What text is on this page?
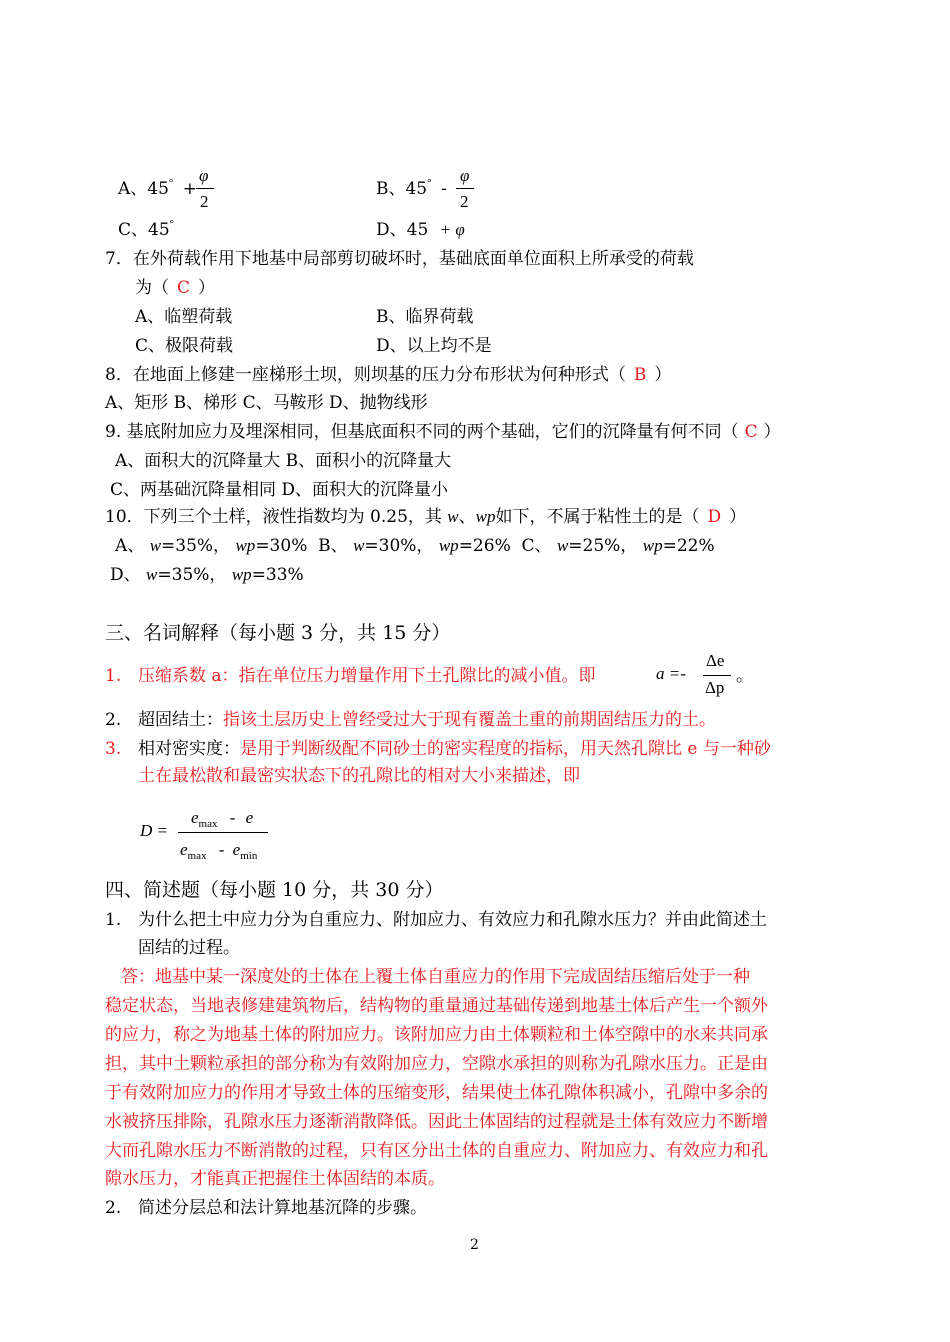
A、45° +
φ
2
B、45° -
φ
2
C、45°	D、45 + φ
7．在外荷载作用下地基中局部剪切破坏时，基础底面单位面积上所承受的荷载
为（ C ）
A、临塑荷载	B、临界荷载
C、极限荷载	D、以上均不是
8．在地面上修建一座梯形土坝，则坝基的压力分布形状为何种形式（ B ）
A、矩形 B、梯形 C、马鞍形 D、抛物线形
9. 基底附加应力及埋深相同，但基底面积不同的两个基础，它们的沉降量有何不同（ C ）
A、面积大的沉降量大 B、面积小的沉降量大
C、两基础沉降量相同 D、面积大的沉降量小
10．下列三个土样，液性指数均为 0.25，其 w、wp如下，不属于粘性土的是（ D ）
A、 w=35%， wp=30% B、 w=30%， wp=26% C、 w=25%， wp=22%
D、 w=35%， wp=33%
三、名词解释（每小题 3 分，共 15 分）
1. 压缩系数 a：指在单位压力增量作用下土孔隙比的减小值。即	a =-
Δe
Δp
。
2. 超固结土：指该土层历史上曾经受过大于现有覆盖土重的前期固结压力的土。
3. 相对密实度：是用于判断级配不同砂土的密实程度的指标，用天然孔隙比 e 与一种砂
土在最松散和最密实状态下的孔隙比的相对大小来描述，即
D =
$e_{max}$ - e
$e_{max} - e_{min}$
四、简述题（每小题 10 分，共 30 分）
1. 为什么把土中应力分为自重应力、附加应力、有效应力和孔隙水压力？并由此简述土
固结的过程。
答：地基中某一深度处的土体在上覆土体自重应力的作用下完成固结压缩后处于一种
稳定状态，当地表修建建筑物后，结构物的重量通过基础传递到地基土体后产生一个额外
的应力，称之为地基土体的附加应力。该附加应力由土体颗粒和土体空隙中的水来共同承
担，其中土颗粒承担的部分称为有效附加应力，空隙水承担的则称为孔隙水压力。正是由
于有效附加应力的作用才导致土体的压缩变形，结果使土体孔隙体积减小，孔隙中多余的
水被挤压排除，孔隙水压力逐渐消散降低。因此土体固结的过程就是土体有效应力不断增
大而孔隙水压力不断消散的过程，只有区分出土体的自重应力、附加应力、有效应力和孔
隙水压力，才能真正把握住土体固结的本质。
2. 简述分层总和法计算地基沉降的步骤。
2
